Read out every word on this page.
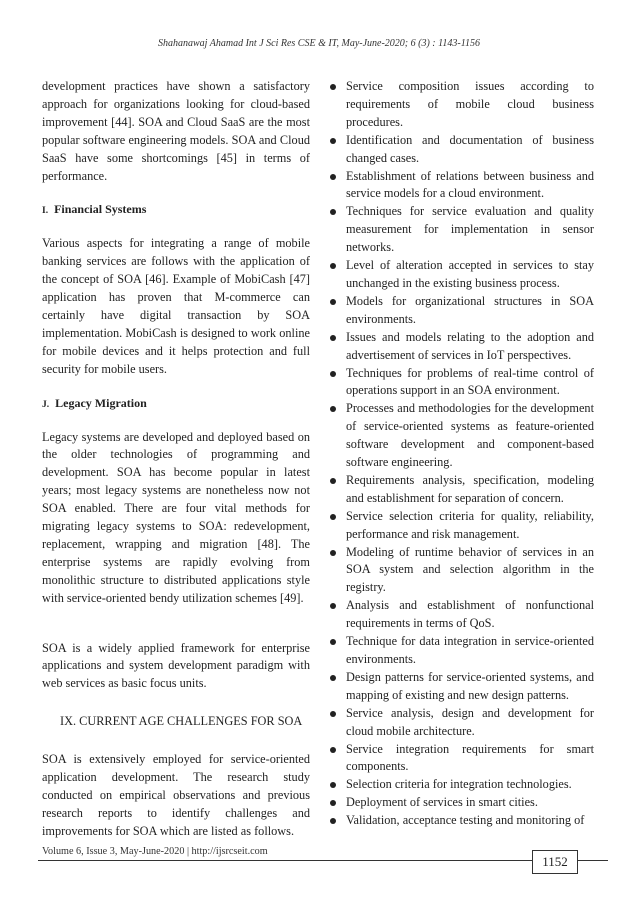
Shahanawaj Ahamad Int J Sci Res CSE & IT, May-June-2020; 6 (3) : 1143-1156

development practices have shown a satisfactory approach for organizations looking for cloud-based improvement [44]. SOA and Cloud SaaS are the most popular software engineering models. SOA and Cloud SaaS have some shortcomings [45] in terms of performance.

I. Financial Systems

Various aspects for integrating a range of mobile banking services are follows with the application of the concept of SOA [46]. Example of MobiCash [47] application has proven that M-commerce can certainly have digital transaction by SOA implementation. MobiCash is designed to work online for mobile devices and it helps protection and full security for mobile users.

J. Legacy Migration

Legacy systems are developed and deployed based on the older technologies of programming and development. SOA has become popular in latest years; most legacy systems are nonetheless now not SOA enabled. There are four vital methods for migrating legacy systems to SOA: redevelopment, replacement, wrapping and migration [48]. The enterprise systems are rapidly evolving from monolithic structure to distributed applications style with service-oriented bendy utilization schemes [49].

SOA is a widely applied framework for enterprise applications and system development paradigm with web services as basic focus units.

IX. CURRENT AGE CHALLENGES FOR SOA

SOA is extensively employed for service-oriented application development. The research study conducted on empirical observations and previous research reports to identify challenges and improvements for SOA which are listed as follows.

Service composition issues according to requirements of mobile cloud business procedures.
Identification and documentation of business changed cases.
Establishment of relations between business and service models for a cloud environment.
Techniques for service evaluation and quality measurement for implementation in sensor networks.
Level of alteration accepted in services to stay unchanged in the existing business process.
Models for organizational structures in SOA environments.
Issues and models relating to the adoption and advertisement of services in IoT perspectives.
Techniques for problems of real-time control of operations support in an SOA environment.
Processes and methodologies for the development of service-oriented systems as feature-oriented software development and component-based software engineering.
Requirements analysis, specification, modeling and establishment for separation of concern.
Service selection criteria for quality, reliability, performance and risk management.
Modeling of runtime behavior of services in an SOA system and selection algorithm in the registry.
Analysis and establishment of nonfunctional requirements in terms of QoS.
Technique for data integration in service-oriented environments.
Design patterns for service-oriented systems, and mapping of existing and new design patterns.
Service analysis, design and development for cloud mobile architecture.
Service integration requirements for smart components.
Selection criteria for integration technologies.
Deployment of services in smart cities.
Validation, acceptance testing and monitoring of
Volume 6, Issue 3, May-June-2020 | http://ijsrcseit.com
1152
